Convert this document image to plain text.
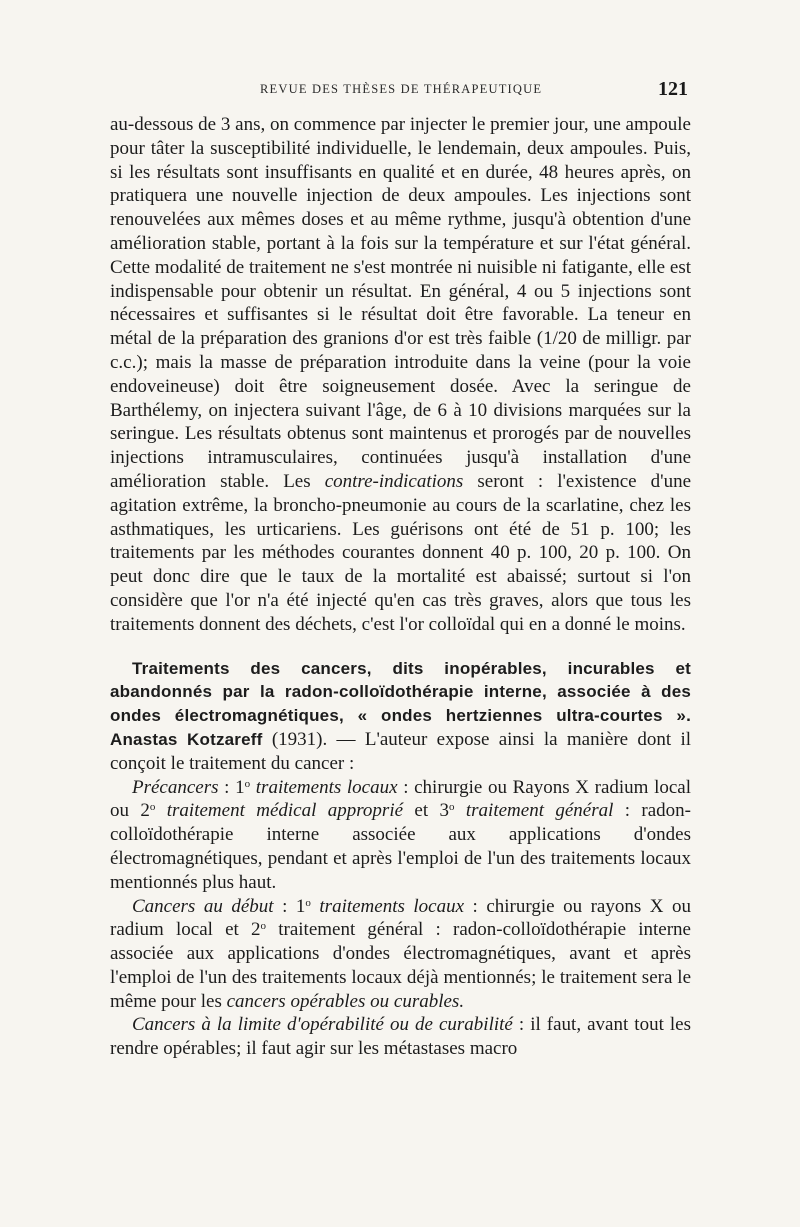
REVUE DES THÈSES DE THÉRAPEUTIQUE	121

au-dessous de 3 ans, on commence par injecter le premier jour, une ampoule pour tâter la susceptibilité individuelle, le lendemain, deux ampoules. Puis, si les résultats sont insuffisants en qualité et en durée, 48 heures après, on pratiquera une nouvelle injection de deux ampoules. Les injections sont renouvelées aux mêmes doses et au même rythme, jusqu'à obtention d'une amélioration stable, portant à la fois sur la température et sur l'état général. Cette modalité de traitement ne s'est montrée ni nuisible ni fatigante, elle est indispensable pour obtenir un résultat. En général, 4 ou 5 injections sont nécessaires et suffisantes si le résultat doit être favorable. La teneur en métal de la préparation des granions d'or est très faible (1/20 de milligr. par c.c.); mais la masse de préparation introduite dans la veine (pour la voie endoveineuse) doit être soigneusement dosée. Avec la seringue de Barthélemy, on injectera suivant l'âge, de 6 à 10 divisions marquées sur la seringue. Les résultats obtenus sont maintenus et prorogés par de nouvelles injections intramusculaires, continuées jusqu'à installation d'une amélioration stable. Les contre-indications seront : l'existence d'une agitation extrême, la broncho-pneumonie au cours de la scarlatine, chez les asthmatiques, les urticariens. Les guérisons ont été de 51 p. 100; les traitements par les méthodes courantes donnent 40 p. 100, 20 p. 100. On peut donc dire que le taux de la mortalité est abaissé; surtout si l'on considère que l'or n'a été injecté qu'en cas très graves, alors que tous les traitements donnent des déchets, c'est l'or colloïdal qui en a donné le moins.

Traitements des cancers, dits inopérables, incurables et abandonnés par la radon-colloïdothérapie interne, associée à des ondes électromagnétiques, « ondes hertziennes ultra-courtes ». Anastas Kotzareff (1931). — L'auteur expose ainsi la manière dont il conçoit le traitement du cancer :

Précancers : 1$^o$ traitements locaux : chirurgie ou Rayons X radium local ou 2$^o$ traitement médical approprié et 3$^o$ traitement général : radon-colloïdothérapie interne associée aux applications d'ondes électromagnétiques, pendant et après l'emploi de l'un des traitements locaux mentionnés plus haut.

Cancers au début : 1$^o$ traitements locaux : chirurgie ou rayons X ou radium local et 2$^o$ traitement général : radon-colloïdothérapie interne associée aux applications d'ondes électromagnétiques, avant et après l'emploi de l'un des traitements locaux déjà mentionnés; le traitement sera le même pour les cancers opérables ou curables.

Cancers à la limite d'opérabilité ou de curabilité : il faut, avant tout les rendre opérables; il faut agir sur les métastases macro
